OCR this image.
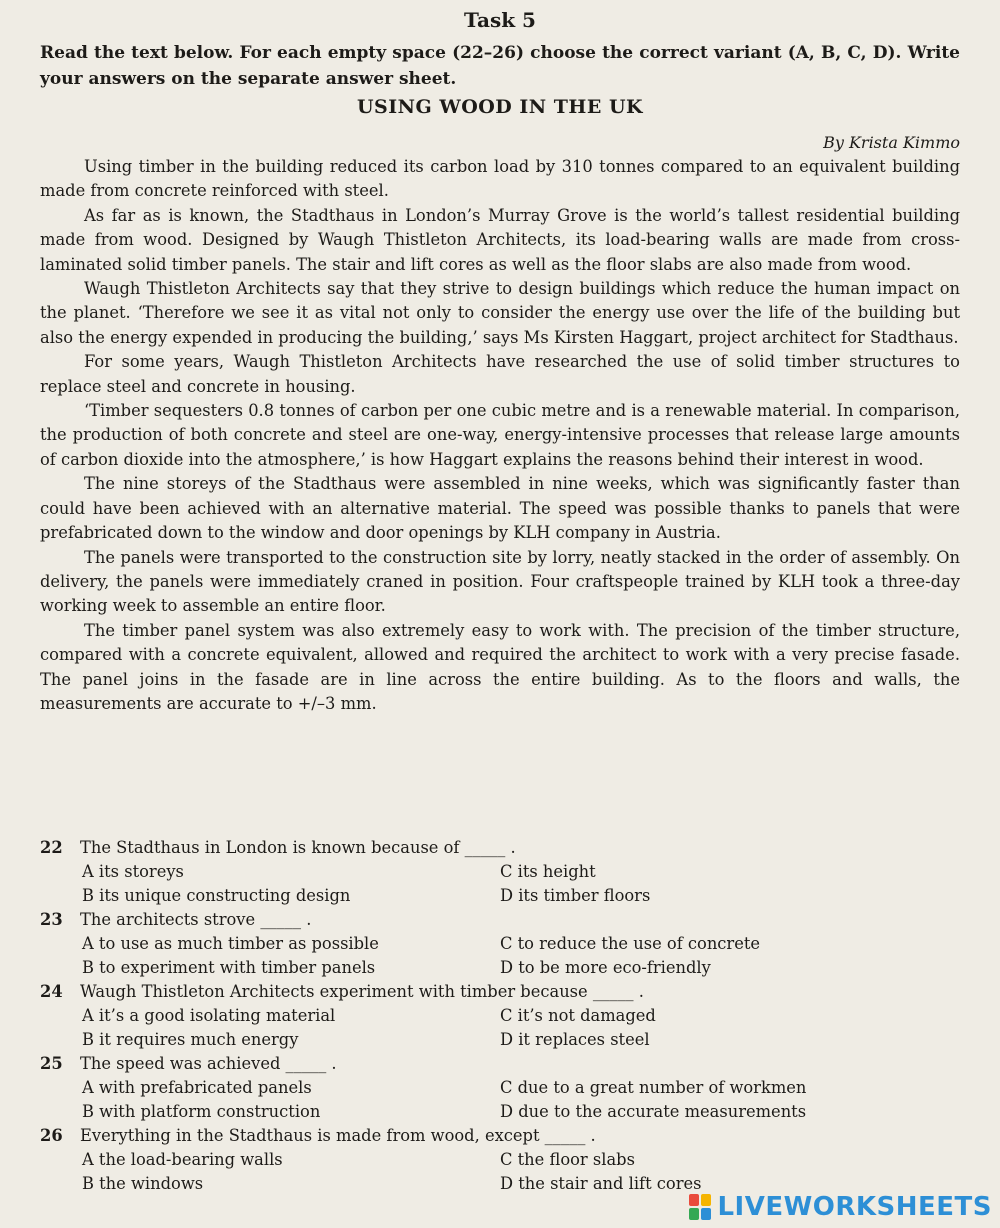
Task 5
Read the text below. For each empty space (22–26) choose the correct variant (A, B, C, D). Write your answers on the separate answer sheet.
USING WOOD IN THE UK
By Krista Kimmo

Using timber in the building reduced its carbon load by 310 tonnes compared to an equivalent building made from concrete reinforced with steel.

As far as is known, the Stadthaus in London’s Murray Grove is the world’s tallest residential building made from wood. Designed by Waugh Thistleton Architects, its load-bearing walls are made from cross-laminated solid timber panels. The stair and lift cores as well as the floor slabs are also made from wood.

Waugh Thistleton Architects say that they strive to design buildings which reduce the human impact on the planet. ‘Therefore we see it as vital not only to consider the energy use over the life of the building but also the energy expended in producing the building,’ says Ms Kirsten Haggart, project architect for Stadthaus.

For some years, Waugh Thistleton Architects have researched the use of solid timber structures to replace steel and concrete in housing.

‘Timber sequesters 0.8 tonnes of carbon per one cubic metre and is a renewable material. In comparison, the production of both concrete and steel are one-way, energy-intensive processes that release large amounts of carbon dioxide into the atmosphere,’ is how Haggart explains the reasons behind their interest in wood.

The nine storeys of the Stadthaus were assembled in nine weeks, which was significantly faster than could have been achieved with an alternative material. The speed was possible thanks to panels that were prefabricated down to the window and door openings by KLH company in Austria.

The panels were transported to the construction site by lorry, neatly stacked in the order of assembly. On delivery, the panels were immediately craned in position. Four craftspeople trained by KLH took a three-day working week to assemble an entire floor.

The timber panel system was also extremely easy to work with. The precision of the timber structure, compared with a concrete equivalent, allowed and required the architect to work with a very precise fasade. The panel joins in the fasade are in line across the entire building. As to the floors and walls, the measurements are accurate to +/–3 mm.

22	The Stadthaus in London is known because of _____ .
A its storeys	C its height
B its unique constructing design	D its timber floors
23	The architects strove _____ .
A to use as much timber as possible	C to reduce the use of concrete
B to experiment with timber panels	D to be more eco-friendly
24	Waugh Thistleton Architects experiment with timber because _____ .
A it’s a good isolating material	C it’s not damaged
B it requires much energy	D it replaces steel
25	The speed was achieved _____ .
A with prefabricated panels	C due to a great number of workmen
B with platform construction	D due to the accurate measurements
26	Everything in the Stadthaus is made from wood, except _____ .
A the load-bearing walls	C the floor slabs
B the windows	D the stair and lift cores
LIVEWORKSHEETS
